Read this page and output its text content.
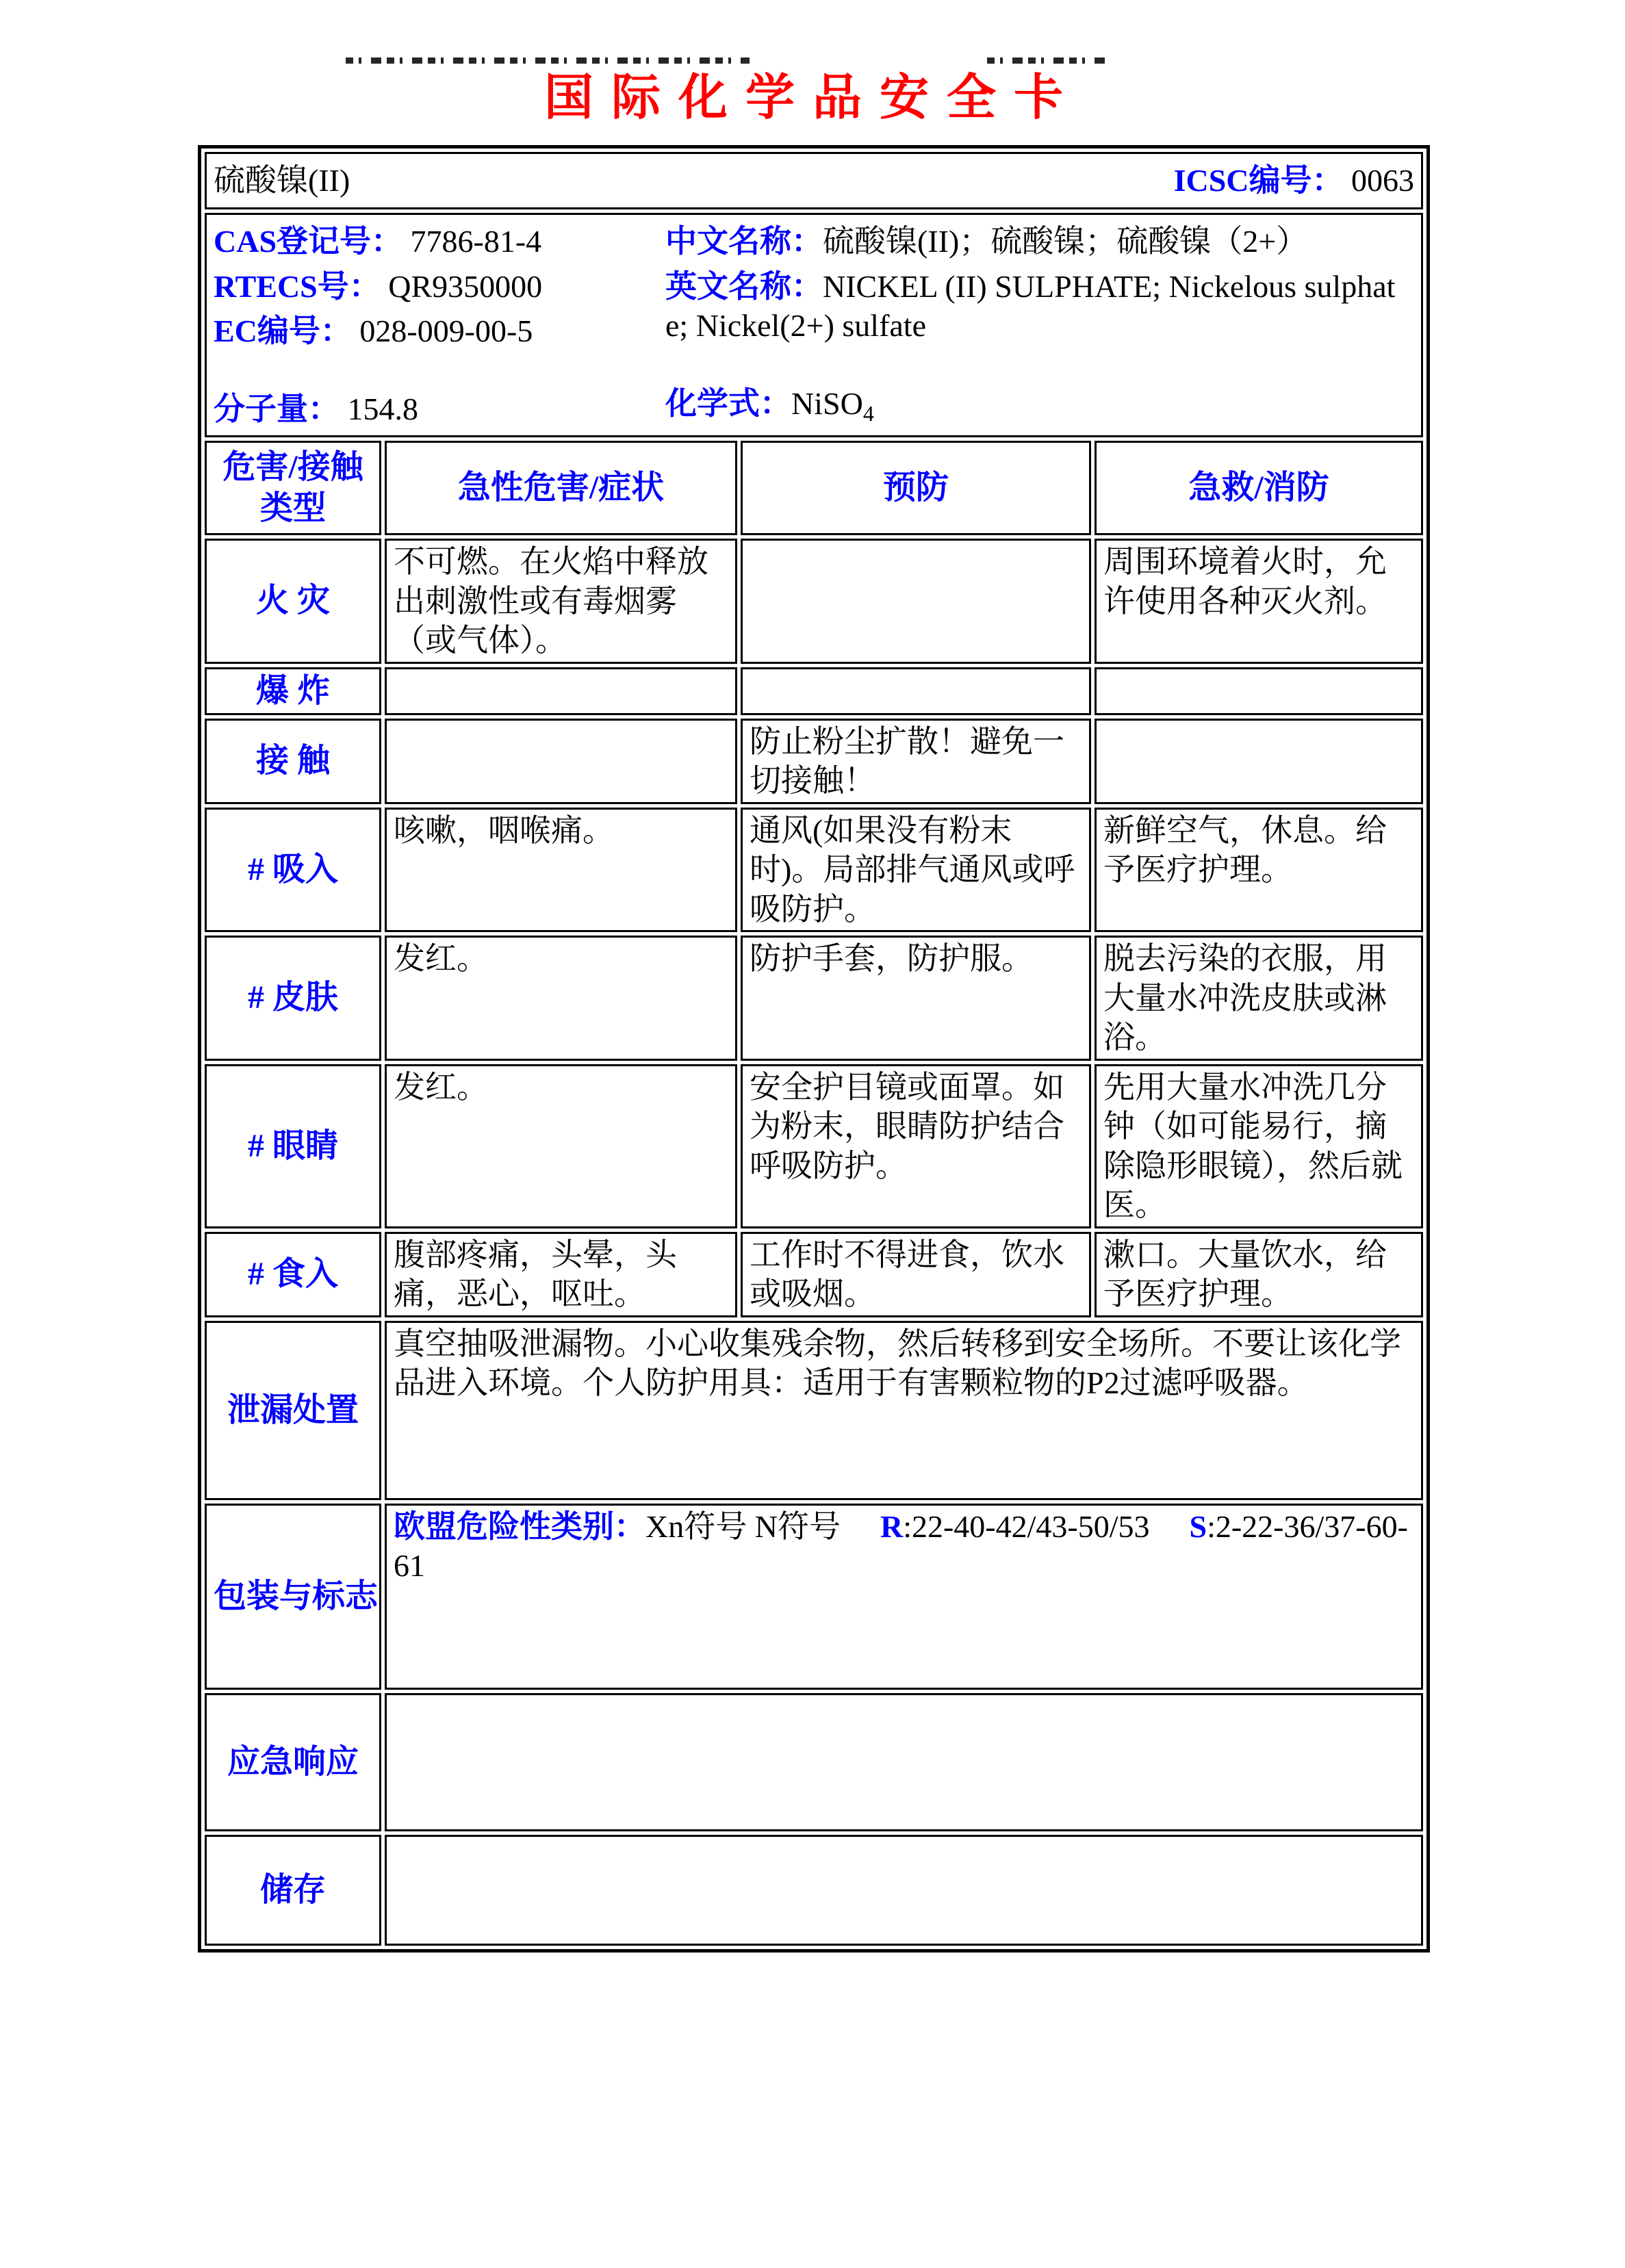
国际化学品安全卡
硫酸镍(II) ICSC编号： 0063			

CAS登记号： 7786-81-4
RTECS号： QR9350000
EC编号： 028-009-00-5
分子量： 154.8
中文名称：硫酸镍(II)；硫酸镍；硫酸镍（2+）
英文名称：NICKEL (II) SULPHATE; Nickelous sulphate; Nickel(2+) sulfate
化学式：NiSO$_4$

危害/接触类型	急性危害/症状	预防	急救/消防
火 灾	不可燃。在火焰中释放出刺激性或有毒烟雾（或气体）。		周围环境着火时，允许使用各种灭火剂。
爆 炸			
接 触		防止粉尘扩散！避免一切接触！	
# 吸入	咳嗽，咽喉痛。	通风(如果没有粉末时)。局部排气通风或呼吸防护。	新鲜空气，休息。给予医疗护理。
# 皮肤	发红。	防护手套，防护服。	脱去污染的衣服，用大量水冲洗皮肤或淋浴。
# 眼睛	发红。	安全护目镜或面罩。如为粉末，眼睛防护结合呼吸防护。	先用大量水冲洗几分钟（如可能易行，摘除隐形眼镜），然后就医。
# 食入	腹部疼痛，头晕，头痛，恶心，呕吐。	工作时不得进食，饮水或吸烟。	漱口。大量饮水，给予医疗护理。
泄漏处置	真空抽吸泄漏物。小心收集残余物，然后转移到安全场所。不要让该化学品进入环境。个人防护用具：适用于有害颗粒物的P2过滤呼吸器。		
包装与标志	欧盟危险性类别：Xn符号 N符号 R:22-40-42/43-50/53 S:2-22-36/37-60-61		
应急响应			
储存			
